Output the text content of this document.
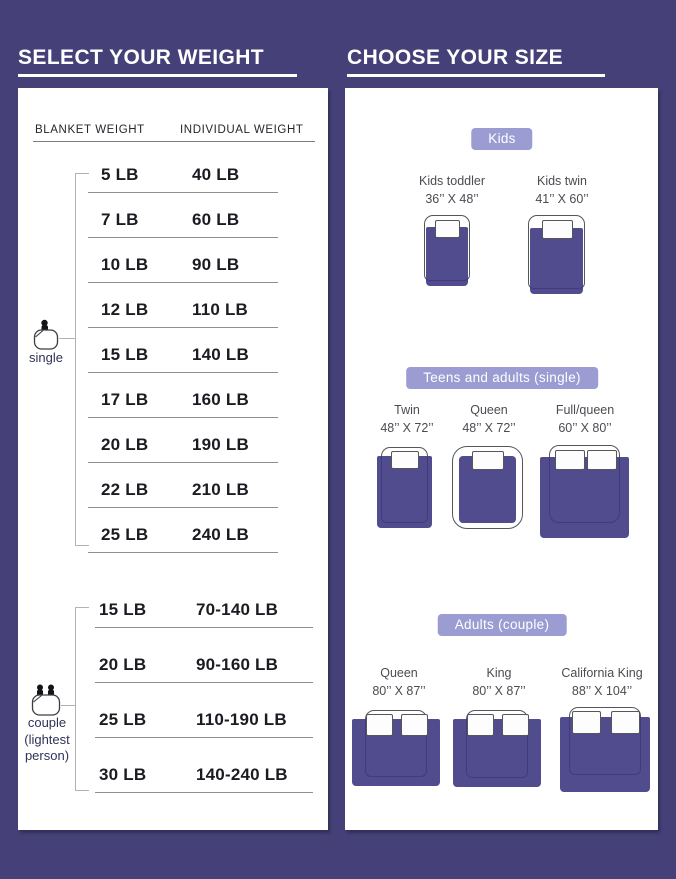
SELECT YOUR WEIGHT
BLANKET WEIGHT	INDIVIDUAL WEIGHT
5 LB	40 LB
7 LB	60 LB
10 LB	90 LB
12 LB	110 LB
15 LB	140 LB
17 LB	160 LB
20 LB	190 LB
22 LB	210 LB
25 LB	240 LB
15 LB	70-140 LB
20 LB	90-160 LB
25 LB	110-190 LB
30 LB	140-240 LB
single
couple
(lightest
person)
CHOOSE YOUR SIZE
Kids
Kids toddler
36’’ X 48’’
Kids twin
41’’ X 60’’
Teens and adults (single)
Twin
48’’ X 72’’
Queen
48’’ X 72’’
Full/queen
60’’ X 80’’
Adults (couple)
Queen
80’’ X 87’’
King
80’’ X 87’’
California King
88’’ X 104’’
